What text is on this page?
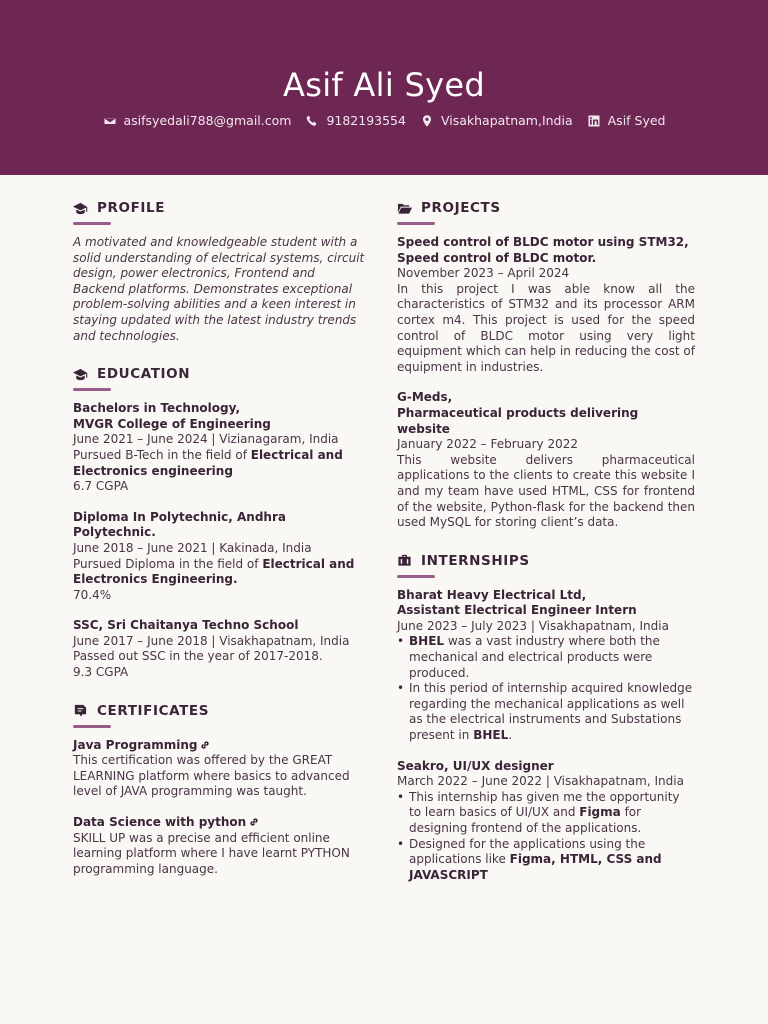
Asif Ali Syed
asifsyedali788@gmail.com	9182193554	Visakhapatnam,India	Asif Syed
PROFILE
A motivated and knowledgeable student with a solid understanding of electrical systems, circuit design, power electronics, Frontend and Backend platforms. Demonstrates exceptional problem-solving abilities and a keen interest in staying updated with the latest industry trends and technologies.
EDUCATION
Bachelors in Technology,
MVGR College of Engineering
June 2021 – June 2024 | Vizianagaram, India
Pursued B-Tech in the field of Electrical and Electronics engineering
6.7 CGPA
Diploma In Polytechnic, Andhra Polytechnic.
June 2018 – June 2021 | Kakinada, India
Pursued Diploma in the field of Electrical and Electronics Engineering.
70.4%
SSC, Sri Chaitanya Techno School
June 2017 – June 2018 | Visakhapatnam, India
Passed out SSC in the year of 2017-2018.
9.3 CGPA
CERTIFICATES
Java Programming
This certification was offered by the GREAT LEARNING platform where basics to advanced level of JAVA programming was taught.
Data Science with python
SKILL UP was a precise and efficient online learning platform where I have learnt PYTHON programming language.
PROJECTS
Speed control of BLDC motor using STM32,
Speed control of BLDC motor.
November 2023 – April 2024
In this project I was able know all the characteristics of STM32 and its processor ARM cortex m4. This project is used for the speed control of BLDC motor using very light equipment which can help in reducing the cost of equipment in industries.
G-Meds,
Pharmaceutical products delivering website
January 2022 – February 2022
This website delivers pharmaceutical applications to the clients to create this website I and my team have used HTML, CSS for frontend of the website, Python-flask for the backend then used MySQL for storing client’s data.
INTERNSHIPS
Bharat Heavy Electrical Ltd,
Assistant Electrical Engineer Intern
June 2023 – July 2023 | Visakhapatnam, India
• BHEL was a vast industry where both the mechanical and electrical products were produced.
• In this period of internship acquired knowledge regarding the mechanical applications as well as the electrical instruments and Substations present in BHEL.
Seakro, UI/UX designer
March 2022 – June 2022 | Visakhapatnam, India
• This internship has given me the opportunity to learn basics of UI/UX and Figma for designing frontend of the applications.
• Designed for the applications using the applications like Figma, HTML, CSS and JAVASCRIPT
